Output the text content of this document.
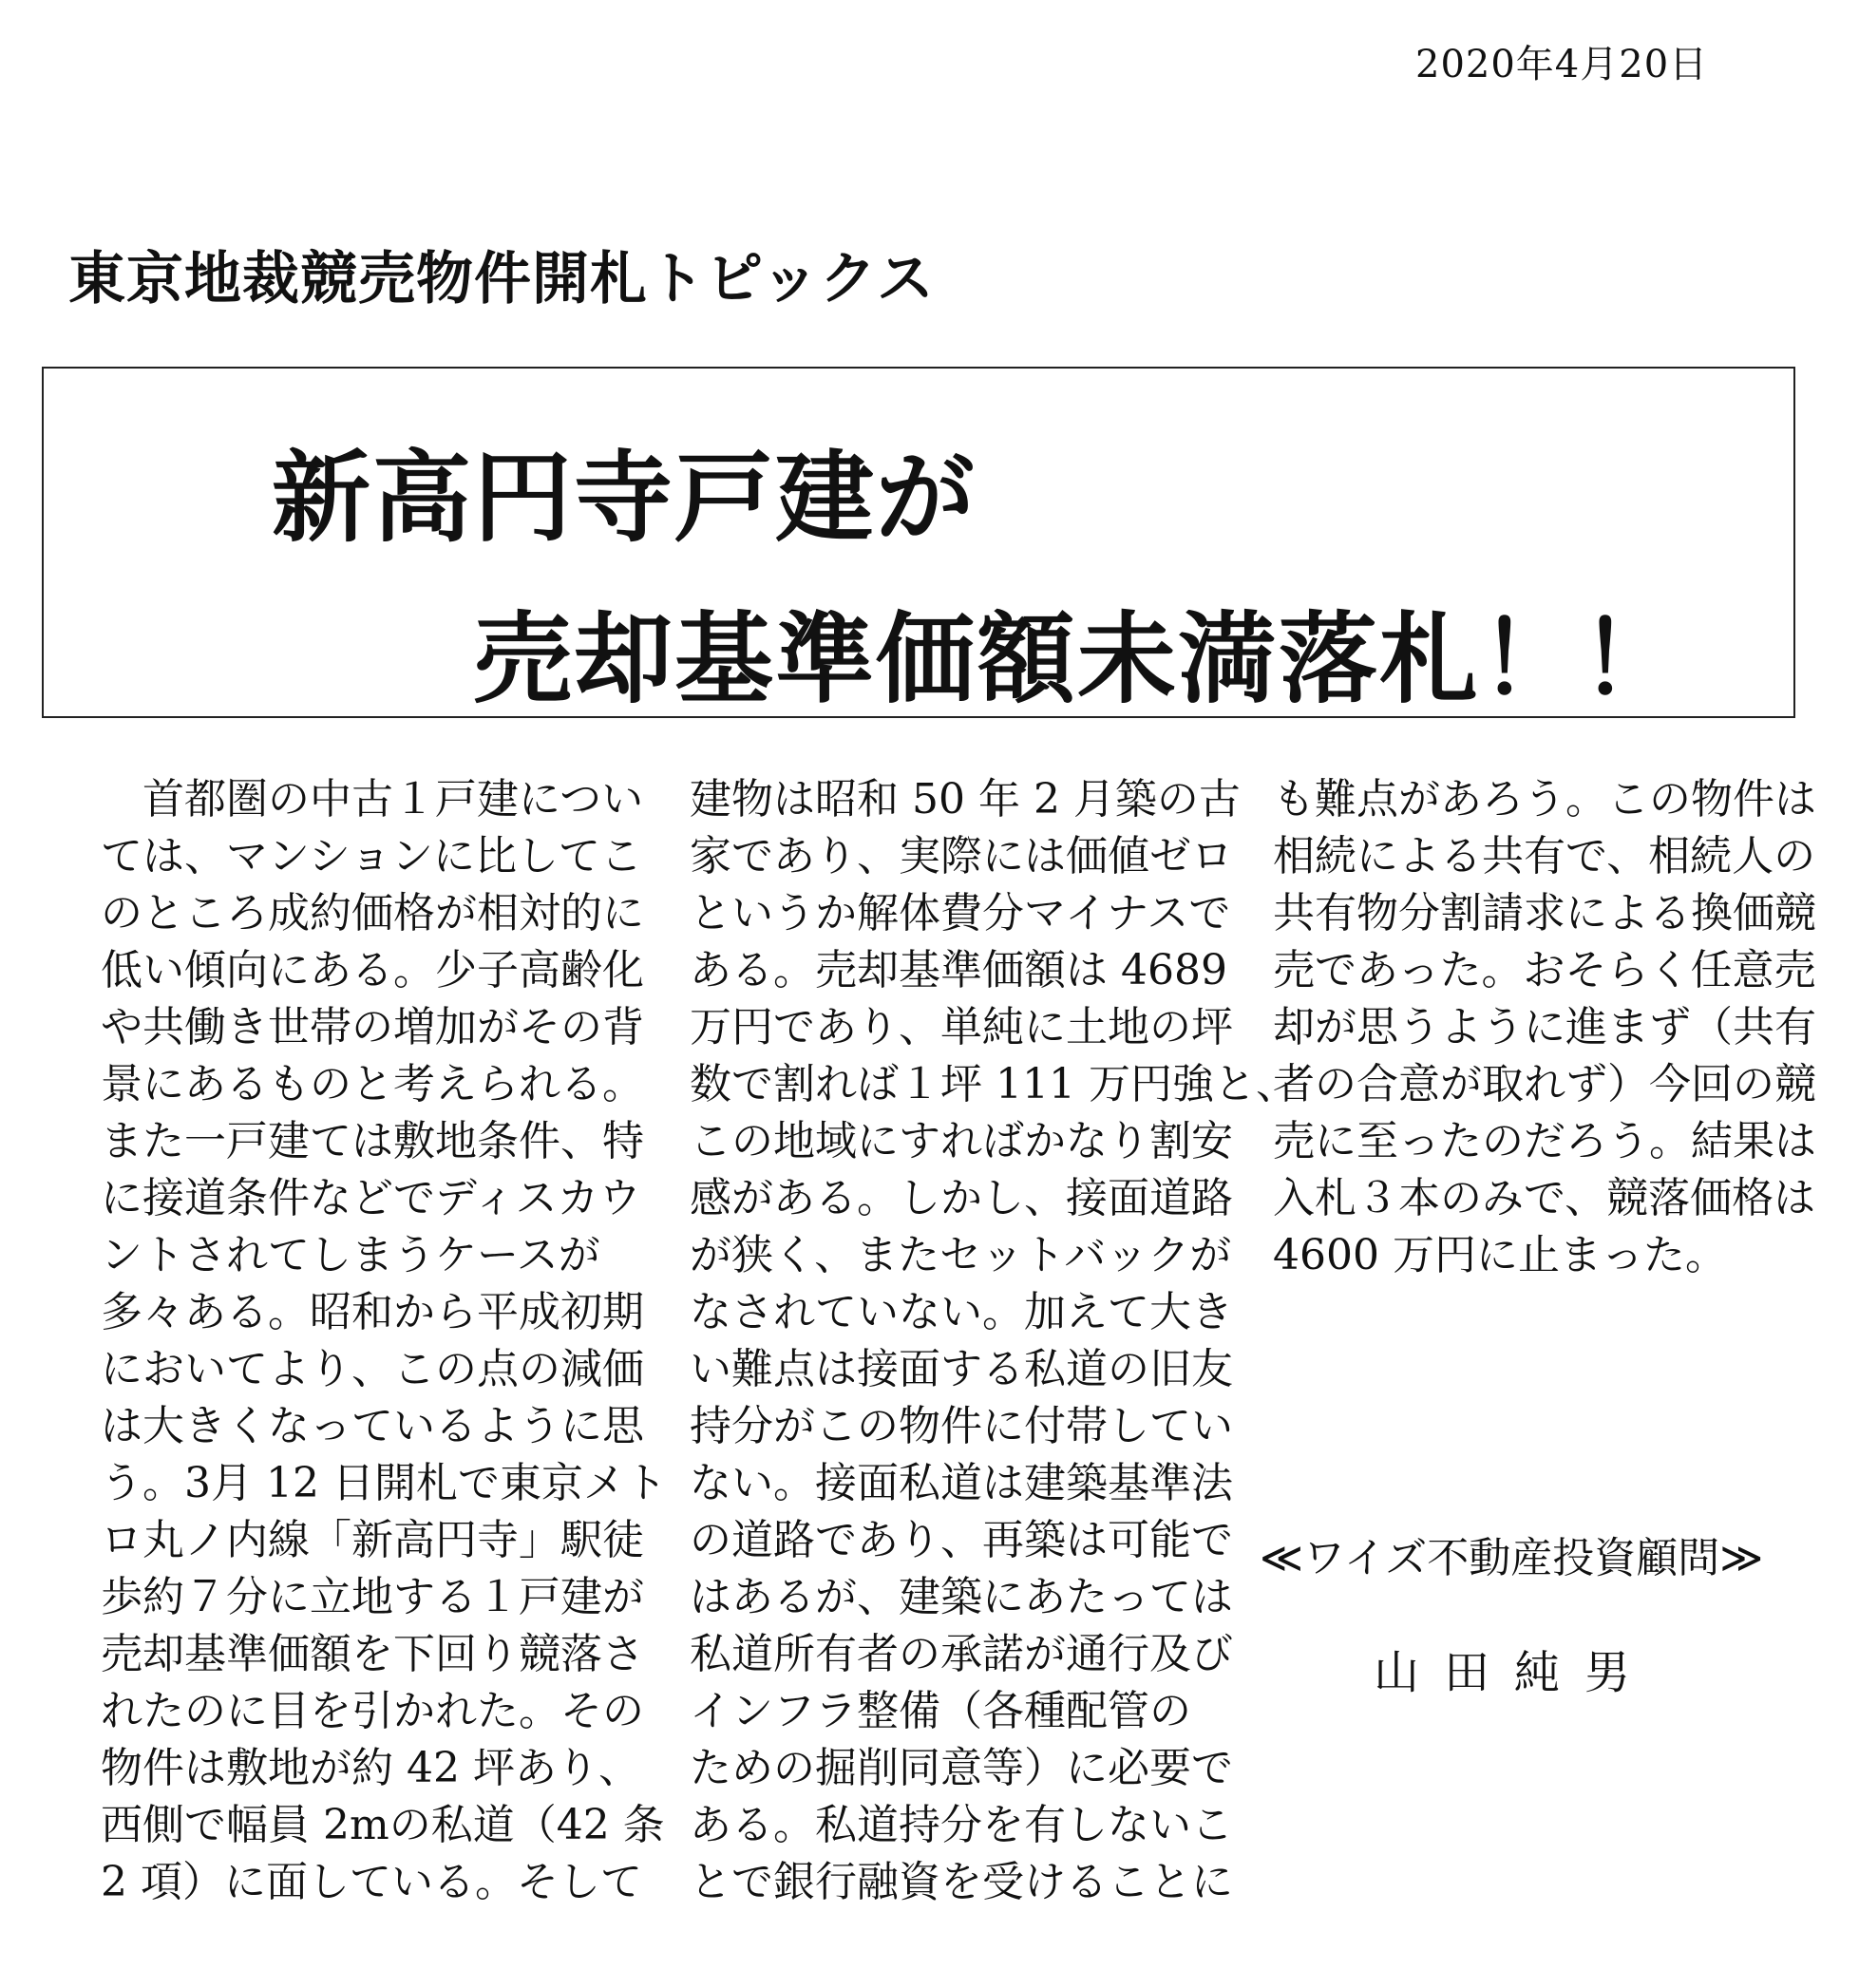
2020年4月20日
東京地裁競売物件開札トピックス
新高円寺戸建が
売却基準価額未満落札！！
　首都圏の中古１戸建につい
ては、マンションに比してこ
のところ成約価格が相対的に
低い傾向にある。少子高齢化
や共働き世帯の増加がその背
景にあるものと考えられる。
また一戸建ては敷地条件、特
に接道条件などでディスカウ
ントされてしまうケースが
多々ある。昭和から平成初期
においてより、この点の減価
は大きくなっているように思
う。3月 12 日開札で東京メト
ロ丸ノ内線「新高円寺」駅徒
歩約７分に立地する１戸建が
売却基準価額を下回り競落さ
れたのに目を引かれた。その
物件は敷地が約 42 坪あり、
西側で幅員 2mの私道（42 条
2 項）に面している。そして
建物は昭和 50 年 2 月築の古
家であり、実際には価値ゼロ
というか解体費分マイナスで
ある。売却基準価額は 4689
万円であり、単純に土地の坪
数で割れば１坪 111 万円強と、
この地域にすればかなり割安
感がある。しかし、接面道路
が狭く、またセットバックが
なされていない。加えて大き
い難点は接面する私道の旧友
持分がこの物件に付帯してい
ない。接面私道は建築基準法
の道路であり、再築は可能で
はあるが、建築にあたっては
私道所有者の承諾が通行及び
インフラ整備（各種配管の
ための掘削同意等）に必要で
ある。私道持分を有しないこ
とで銀行融資を受けることに
も難点があろう。この物件は
相続による共有で、相続人の
共有物分割請求による換価競
売であった。おそらく任意売
却が思うように進まず（共有
者の合意が取れず）今回の競
売に至ったのだろう。結果は
入札３本のみで、競落価格は
4600 万円に止まった。
≪ワイズ不動産投資顧問≫
山田純男
